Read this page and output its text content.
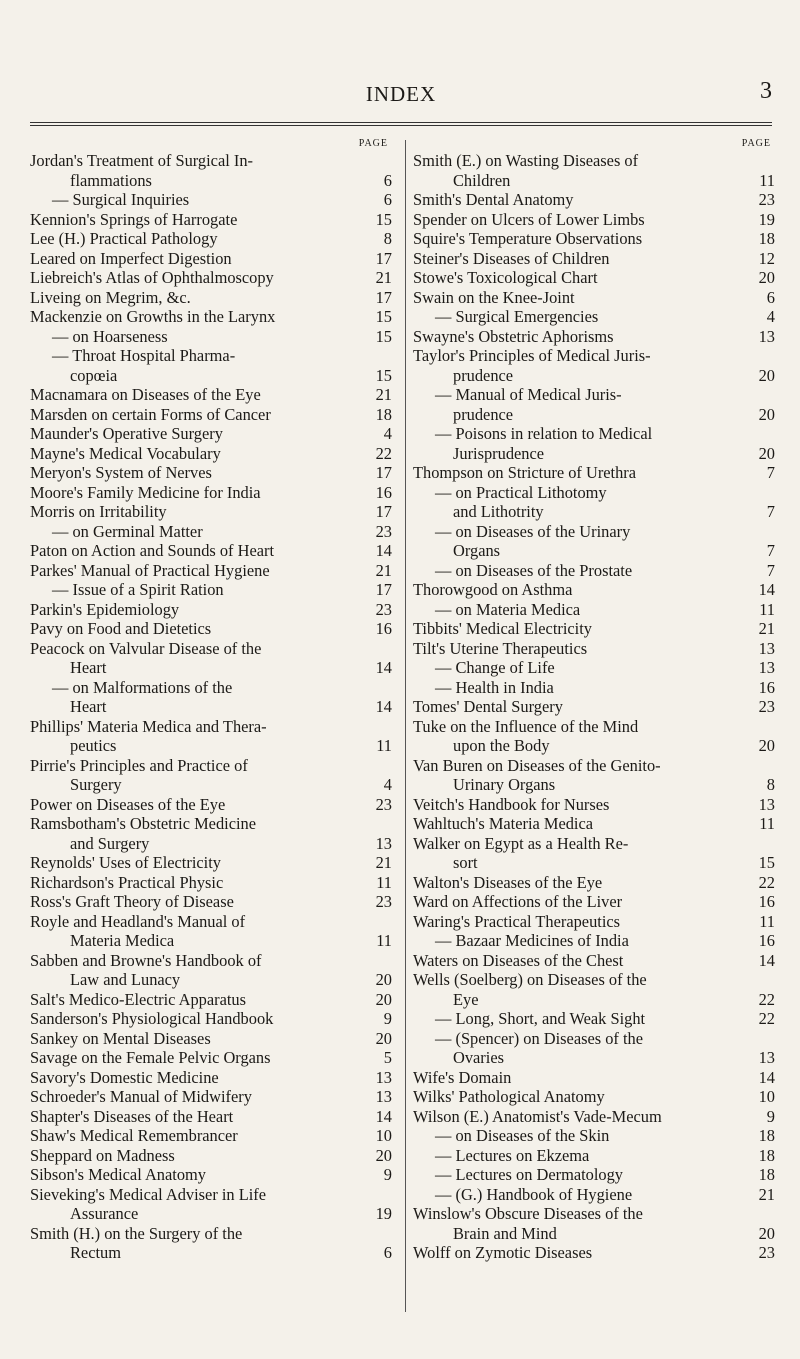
INDEX	3
PAGE
Jordan's Treatment of Surgical In-
flammations	6
— Surgical Inquiries	6
Kennion's Springs of Harrogate	15
Lee (H.) Practical Pathology	8
Leared on Imperfect Digestion	17
Liebreich's Atlas of Ophthalmoscopy	21
Liveing on Megrim, &c.	17
Mackenzie on Growths in the Larynx	15
— on Hoarseness	15
— Throat Hospital Pharma-
copœia	15
Macnamara on Diseases of the Eye	21
Marsden on certain Forms of Cancer	18
Maunder's Operative Surgery	4
Mayne's Medical Vocabulary	22
Meryon's System of Nerves	17
Moore's Family Medicine for India	16
Morris on Irritability	17
— on Germinal Matter	23
Paton on Action and Sounds of Heart	14
Parkes' Manual of Practical Hygiene	21
— Issue of a Spirit Ration	17
Parkin's Epidemiology	23
Pavy on Food and Dietetics	16
Peacock on Valvular Disease of the
Heart	14
— on Malformations of the
Heart	14
Phillips' Materia Medica and Thera-
peutics	11
Pirrie's Principles and Practice of
Surgery	4
Power on Diseases of the Eye	23
Ramsbotham's Obstetric Medicine
and Surgery	13
Reynolds' Uses of Electricity	21
Richardson's Practical Physic	11
Ross's Graft Theory of Disease	23
Royle and Headland's Manual of
Materia Medica	11
Sabben and Browne's Handbook of
Law and Lunacy	20
Salt's Medico-Electric Apparatus	20
Sanderson's Physiological Handbook	9
Sankey on Mental Diseases	20
Savage on the Female Pelvic Organs	5
Savory's Domestic Medicine	13
Schroeder's Manual of Midwifery	13
Shapter's Diseases of the Heart	14
Shaw's Medical Remembrancer	10
Sheppard on Madness	20
Sibson's Medical Anatomy	9
Sieveking's Medical Adviser in Life
Assurance	19
Smith (H.) on the Surgery of the
Rectum	6
PAGE
Smith (E.) on Wasting Diseases of
Children	11
Smith's Dental Anatomy	23
Spender on Ulcers of Lower Limbs	19
Squire's Temperature Observations	18
Steiner's Diseases of Children	12
Stowe's Toxicological Chart	20
Swain on the Knee-Joint	6
— Surgical Emergencies	4
Swayne's Obstetric Aphorisms	13
Taylor's Principles of Medical Juris-
prudence	20
— Manual of Medical Juris-
prudence	20
— Poisons in relation to Medical
Jurisprudence	20
Thompson on Stricture of Urethra	7
— on Practical Lithotomy
and Lithotrity	7
— on Diseases of the Urinary
Organs	7
— on Diseases of the Prostate	7
Thorowgood on Asthma	14
— on Materia Medica	11
Tibbits' Medical Electricity	21
Tilt's Uterine Therapeutics	13
— Change of Life	13
— Health in India	16
Tomes' Dental Surgery	23
Tuke on the Influence of the Mind
upon the Body	20
Van Buren on Diseases of the Genito-
Urinary Organs	8
Veitch's Handbook for Nurses	13
Wahltuch's Materia Medica	11
Walker on Egypt as a Health Re-
sort	15
Walton's Diseases of the Eye	22
Ward on Affections of the Liver	16
Waring's Practical Therapeutics	11
— Bazaar Medicines of India	16
Waters on Diseases of the Chest	14
Wells (Soelberg) on Diseases of the
Eye	22
— Long, Short, and Weak Sight	22
— (Spencer) on Diseases of the
Ovaries	13
Wife's Domain	14
Wilks' Pathological Anatomy	10
Wilson (E.) Anatomist's Vade-Mecum	9
— on Diseases of the Skin	18
— Lectures on Ekzema	18
— Lectures on Dermatology	18
— (G.) Handbook of Hygiene	21
Winslow's Obscure Diseases of the
Brain and Mind	20
Wolff on Zymotic Diseases	23
